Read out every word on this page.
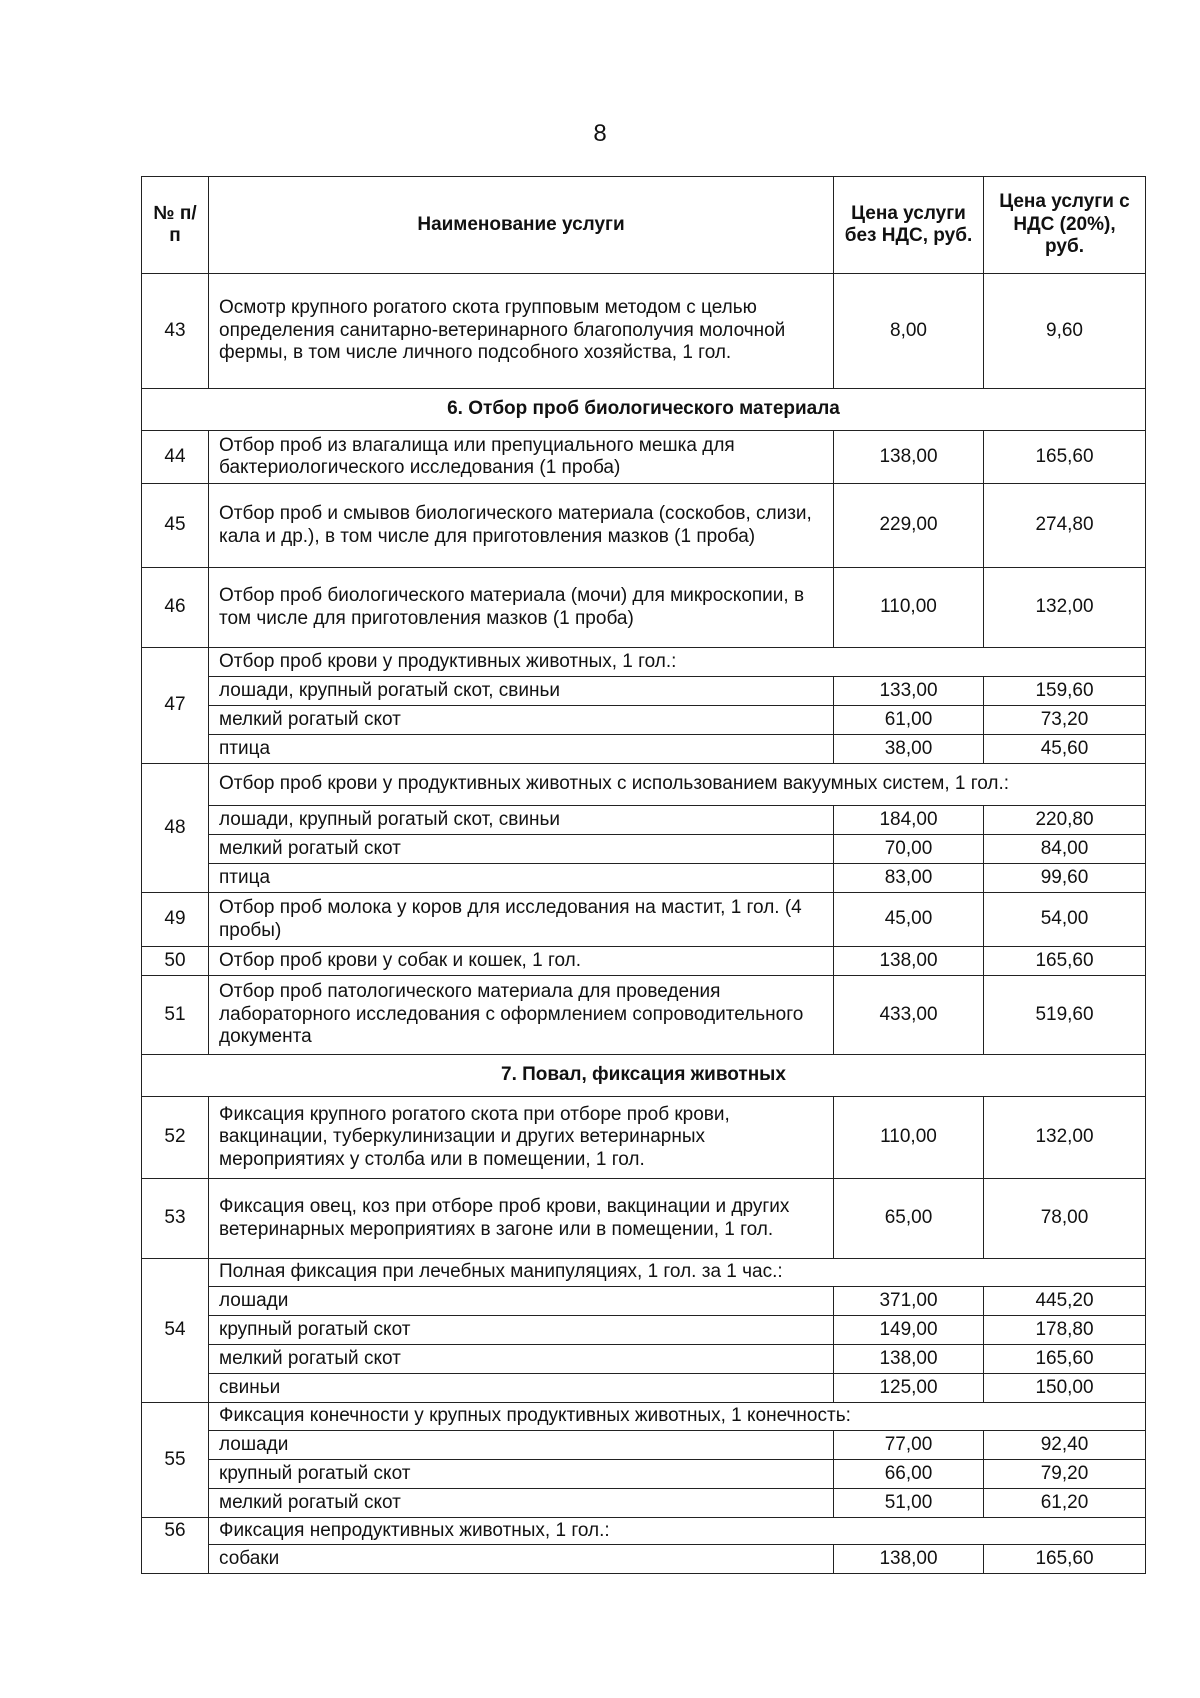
8
№ п/п	Наименование услуги	Цена услуги без НДС, руб.	Цена услуги с НДС (20%), руб.
43	Осмотр крупного рогатого скота групповым методом с целью определения санитарно-ветеринарного благополучия молочной фермы, в том числе личного подсобного хозяйства, 1 гол.	8,00	9,60
6. Отбор проб биологического материала			
44	Отбор проб из влагалища или препуциального мешка для бактериологического исследования (1 проба)	138,00	165,60
45	Отбор проб и смывов биологического материала (соскобов, слизи, кала и др.), в том числе для приготовления мазков (1 проба)	229,00	274,80
46	Отбор проб биологического материала (мочи) для микроскопии, в том числе для приготовления мазков (1 проба)	110,00	132,00
47	Отбор проб крови у продуктивных животных, 1 гол.:		
	лошади, крупный рогатый скот, свиньи	133,00	159,60
	мелкий рогатый скот	61,00	73,20
	птица	38,00	45,60
48	Отбор проб крови у продуктивных животных с использованием вакуумных систем, 1 гол.:		
	лошади, крупный рогатый скот, свиньи	184,00	220,80
	мелкий рогатый скот	70,00	84,00
	птица	83,00	99,60
49	Отбор проб молока у коров для исследования на мастит, 1 гол. (4 пробы)	45,00	54,00
50	Отбор проб крови у собак и кошек, 1 гол.	138,00	165,60
51	Отбор проб патологического материала для проведения лабораторного исследования с оформлением сопроводительного документа	433,00	519,60
7. Повал, фиксация животных			
52	Фиксация крупного рогатого скота при отборе проб крови, вакцинации, туберкулинизации и других ветеринарных мероприятиях у столба или в помещении, 1 гол.	110,00	132,00
53	Фиксация овец, коз при отборе проб крови, вакцинации и других ветеринарных мероприятиях в загоне или в помещении, 1 гол.	65,00	78,00
54	Полная фиксация при лечебных манипуляциях, 1 гол. за 1 час.:		
	лошади	371,00	445,20
	крупный рогатый скот	149,00	178,80
	мелкий рогатый скот	138,00	165,60
	свиньи	125,00	150,00
55	Фиксация конечности у крупных продуктивных животных, 1 конечность:		
	лошади	77,00	92,40
	крупный рогатый скот	66,00	79,20
	мелкий рогатый скот	51,00	61,20
56	Фиксация непродуктивных животных, 1 гол.:		
	собаки	138,00	165,60
